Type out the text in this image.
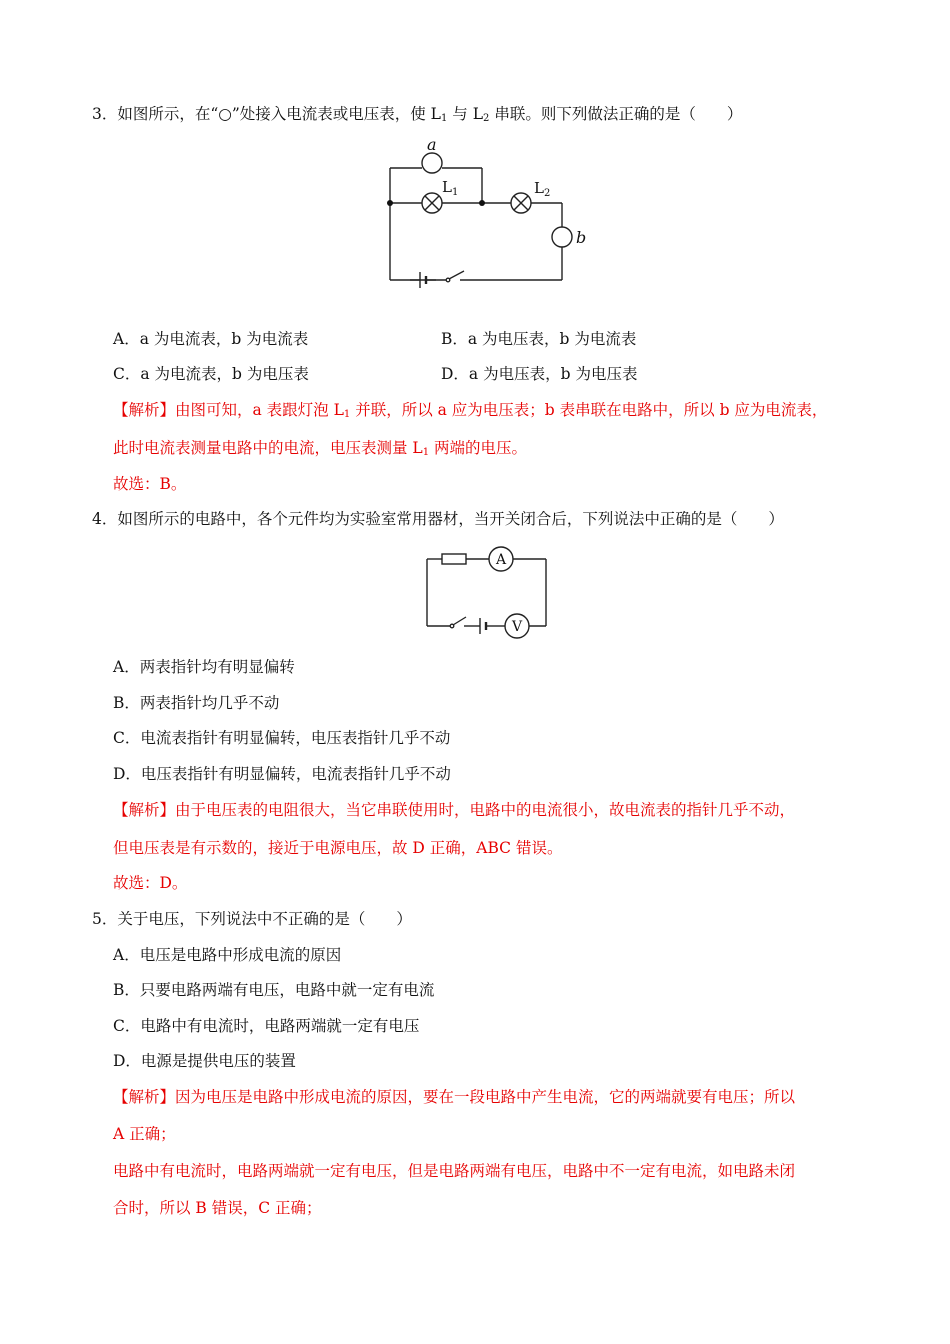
3．如图所示，在“○”处接入电流表或电压表，使 $L_1$ 与 $L_2$ 串联。则下列做法正确的是（　　）
a
b
$L_1$	$L_2$
A．a 为电流表，b 为电流表	B．a 为电压表，b 为电流表
C．a 为电流表，b 为电压表	D．a 为电压表，b 为电压表
【解析】由图可知，a 表跟灯泡 $L_1$ 并联，所以 a 应为电压表；b 表串联在电路中，所以 b 应为电流表，
此时电流表测量电路中的电流，电压表测量 $L_1$ 两端的电压。
故选：B。
4．如图所示的电路中，各个元件均为实验室常用器材，当开关闭合后，下列说法中正确的是（　　）
A
V
A．两表指针均有明显偏转
B．两表指针均几乎不动
C．电流表指针有明显偏转，电压表指针几乎不动
D．电压表指针有明显偏转，电流表指针几乎不动
【解析】由于电压表的电阻很大，当它串联使用时，电路中的电流很小，故电流表的指针几乎不动，
但电压表是有示数的，接近于电源电压，故 D 正确，ABC 错误。
故选：D。
5．关于电压，下列说法中不正确的是（　　）
A．电压是电路中形成电流的原因
B．只要电路两端有电压，电路中就一定有电流
C．电路中有电流时，电路两端就一定有电压
D．电源是提供电压的装置
【解析】因为电压是电路中形成电流的原因，要在一段电路中产生电流，它的两端就要有电压；所以
A 正确；
电路中有电流时，电路两端就一定有电压，但是电路两端有电压，电路中不一定有电流，如电路未闭
合时，所以 B 错误，C 正确；
